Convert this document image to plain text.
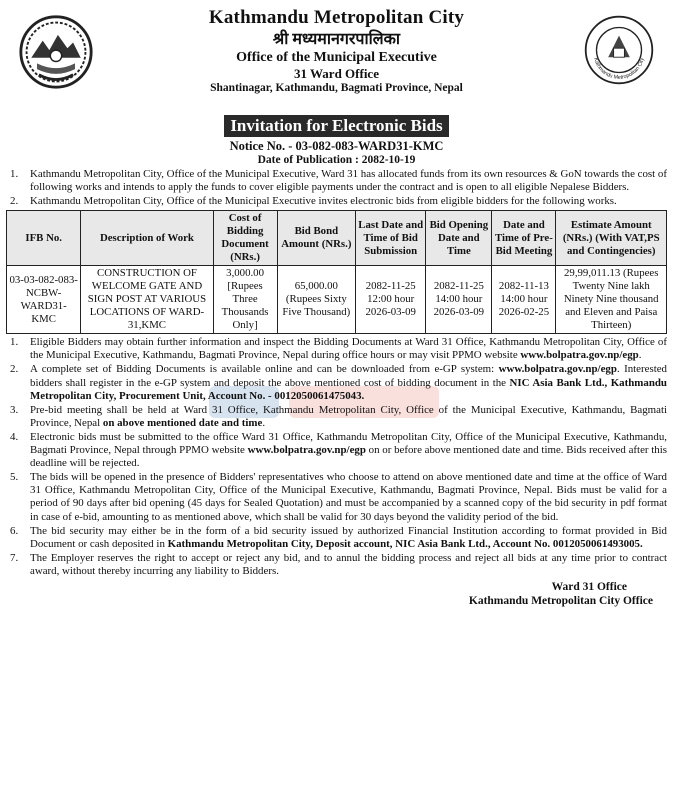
Kathmandu Metropolitan City
श्री मध्यमानगरपालिका
Office of the Municipal Executive
31 Ward Office
Shantinagar, Kathmandu, Bagmati Province, Nepal
Kathmandu Metropolitan City
Invitation for Electronic Bids
Notice No. - 03-082-083-WARD31-KMC
Date of Publication : 2082-10-19
1. Kathmandu Metropolitan City, Office of the Municipal Executive, Ward 31 has allocated funds from its own resources & GoN towards the cost of following works and intends to apply the funds to cover eligible payments under the contract and is open to all eligible Nepalese Bidders.
2. Kathmandu Metropolitan City, Office of the Municipal Executive invites electronic bids from eligible bidders for the following works.
IFB No.	Description of Work	Cost of Bidding Document (NRs.)	Bid Bond Amount (NRs.)	Last Date and Time of Bid Submission	Bid Opening Date and Time	Date and Time of Pre-Bid Meeting	Estimate Amount (NRs.) (With VAT,PS and Contingencies)
03-03-082-083-NCBW-WARD31-KMC	CONSTRUCTION OF WELCOME GATE AND SIGN POST AT VARIOUS LOCATIONS OF WARD-31,KMC	3,000.00 [Rupees Three Thousands Only]	65,000.00 (Rupees Sixty Five Thousand)	2082-11-25 12:00 hour 2026-03-09	2082-11-25 14:00 hour 2026-03-09	2082-11-13 14:00 hour 2026-02-25	29,99,011.13 (Rupees Twenty Nine lakh Ninety Nine thousand and Eleven and Paisa Thirteen)
1. Eligible Bidders may obtain further information and inspect the Bidding Documents at Ward 31 Office, Kathmandu Metropolitan City, Office of the Municipal Executive, Kathmandu, Bagmati Province, Nepal during office hours or may visit PPMO website www.bolpatra.gov.np/egp.
2. A complete set of Bidding Documents is available online and can be downloaded from e-GP system: www.bolpatra.gov.np/egp. Interested bidders shall register in the e-GP system and deposit the above mentioned cost of bidding document in the NIC Asia Bank Ltd., Kathmandu Metropolitan City, Procurement Unit, Account No. - 0012050061475043.
3. Pre-bid meeting shall be held at Ward 31 Office, Kathmandu Metropolitan City, Office of the Municipal Executive, Kathmandu, Bagmati Province, Nepal on above mentioned date and time.
4. Electronic bids must be submitted to the office Ward 31 Office, Kathmandu Metropolitan City, Office of the Municipal Executive, Kathmandu, Bagmati Province, Nepal through PPMO website www.bolpatra.gov.np/egp on or before above mentioned date and time. Bids received after this deadline will be rejected.
5. The bids will be opened in the presence of Bidders' representatives who choose to attend on above mentioned date and time at the office of Ward 31 Office, Kathmandu Metropolitan City, Office of the Municipal Executive, Kathmandu, Bagmati Province, Nepal. Bids must be valid for a period of 90 days after bid opening (45 days for Sealed Quotation) and must be accompanied by a scanned copy of the bid security in pdf format in case of e-bid, amounting to as mentioned above, which shall be valid for 30 days beyond the validity period of the bid.
6. The bid security may either be in the form of a bid security issued by authorized Financial Institution according to format provided in Bid Document or cash deposited in Kathmandu Metropolitan City, Deposit account, NIC Asia Bank Ltd., Account No. 0012050061493005.
7. The Employer reserves the right to accept or reject any bid, and to annul the bidding process and reject all bids at any time prior to contract award, without thereby incurring any liability to Bidders.
Ward 31 Office
Kathmandu Metropolitan City Office
